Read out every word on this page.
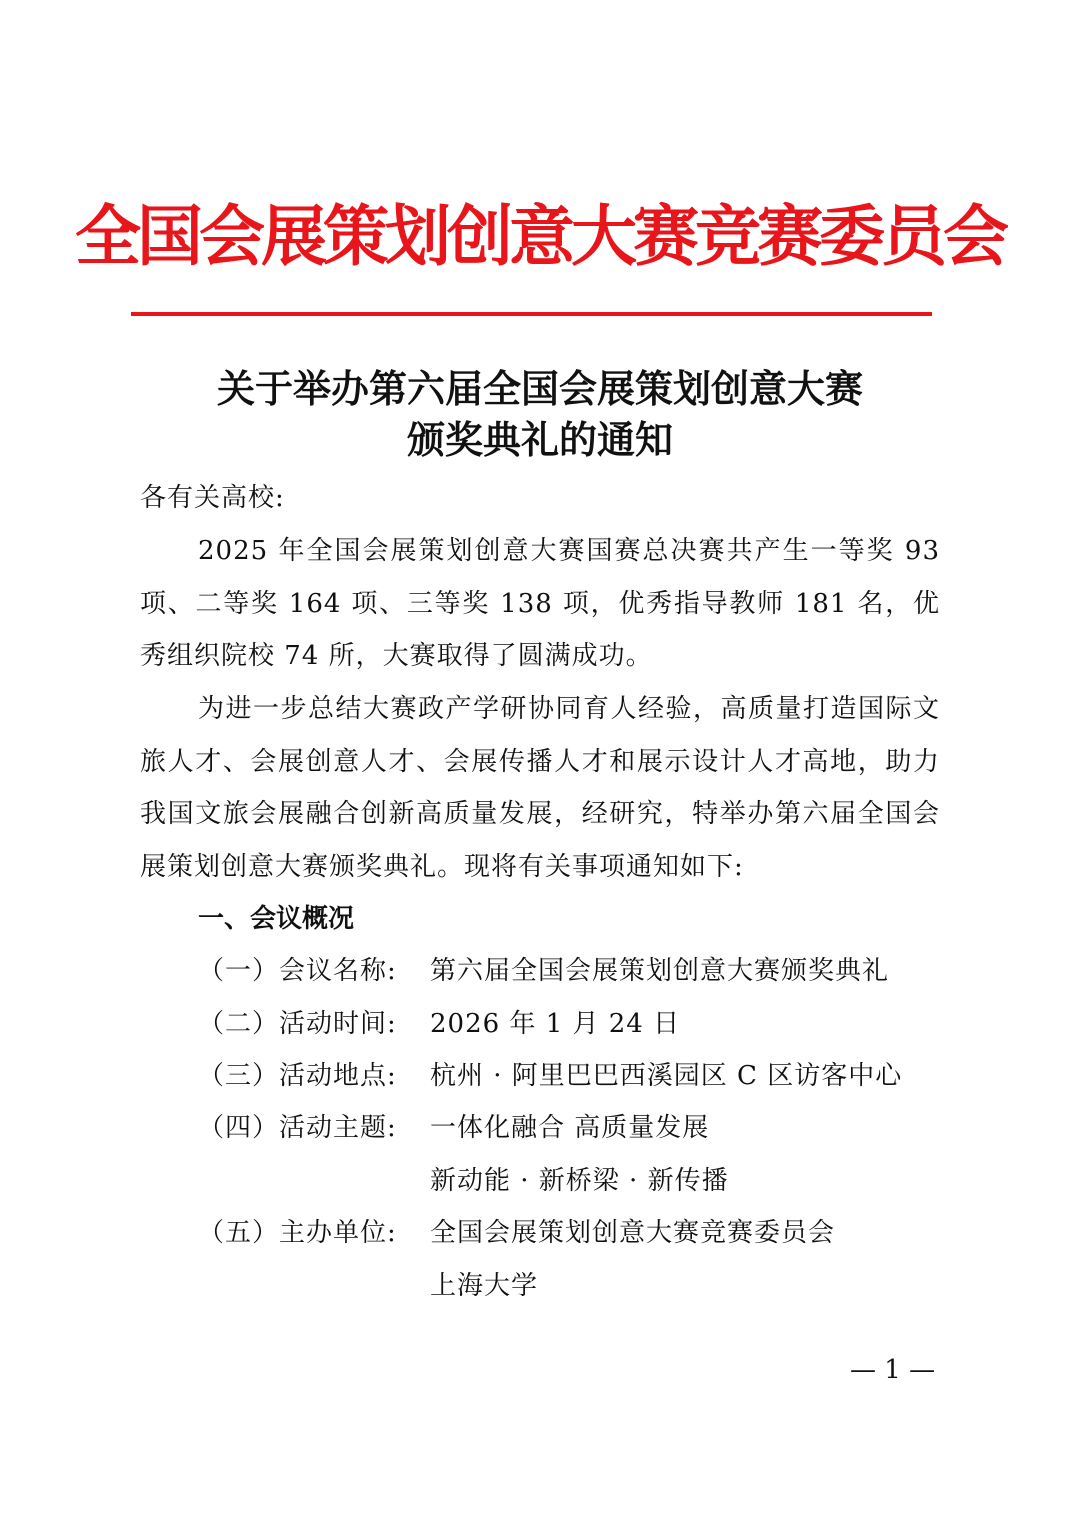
全国会展策划创意大赛竞赛委员会
关于举办第六届全国会展策划创意大赛
颁奖典礼的通知
各有关高校:
2025 年全国会展策划创意大赛国赛总决赛共产生一等奖 93 项、二等奖 164 项、三等奖 138 项，优秀指导教师 181 名，优秀组织院校 74 所，大赛取得了圆满成功。
为进一步总结大赛政产学研协同育人经验，高质量打造国际文旅人才、会展创意人才、会展传播人才和展示设计人才高地，助力我国文旅会展融合创新高质量发展，经研究，特举办第六届全国会展策划创意大赛颁奖典礼。现将有关事项通知如下:
一、会议概况
（一）会议名称: 第六届全国会展策划创意大赛颁奖典礼
（二）活动时间: 2026 年 1 月 24 日
（三）活动地点: 杭州 · 阿里巴巴西溪园区 C 区访客中心
（四）活动主题: 一体化融合 高质量发展
新动能 · 新桥梁 · 新传播
（五）主办单位: 全国会展策划创意大赛竞赛委员会
上海大学
— 1 —
